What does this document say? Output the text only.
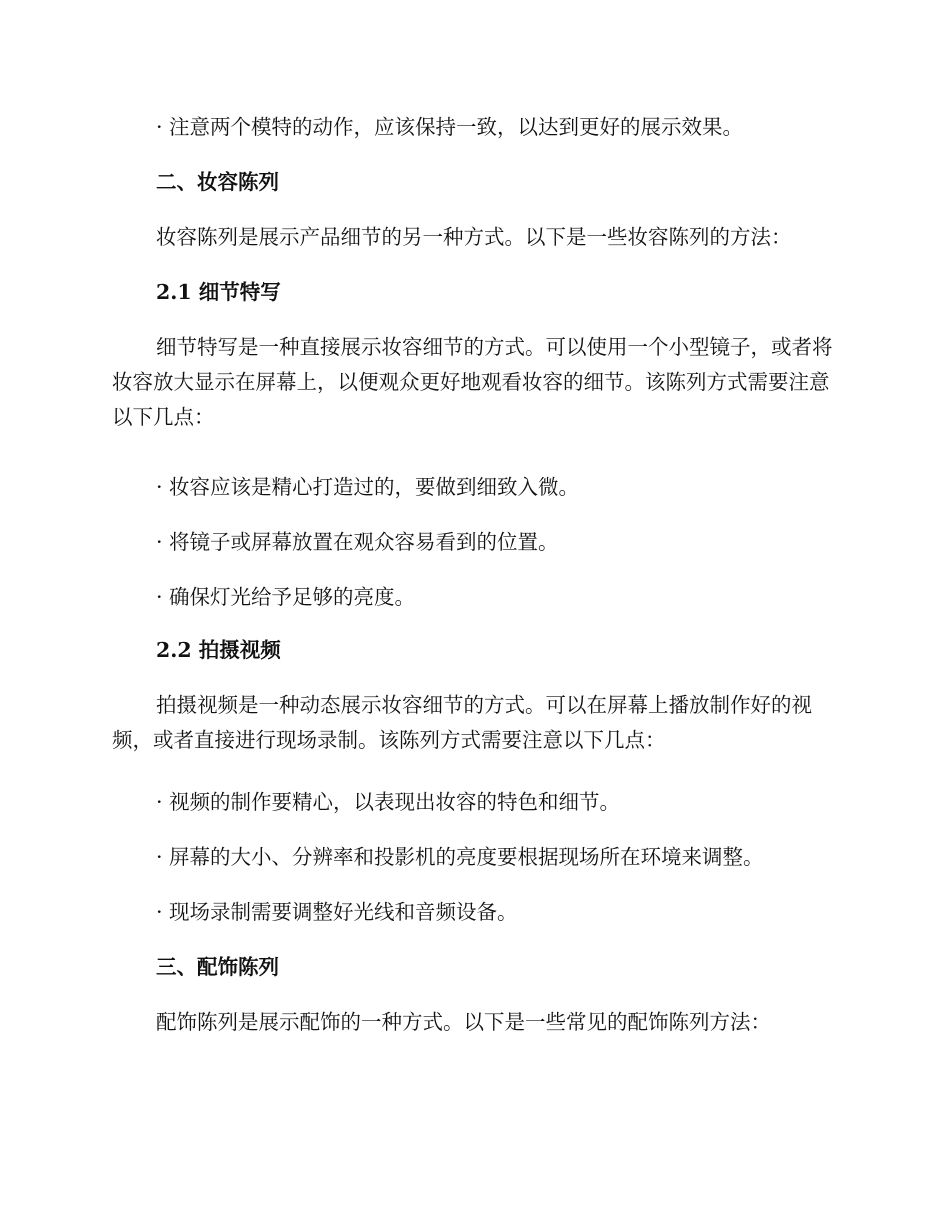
· 注意两个模特的动作，应该保持一致，以达到更好的展示效果。

二、妆容陈列

妆容陈列是展示产品细节的另一种方式。以下是一些妆容陈列的方法：

2.1 细节特写

细节特写是一种直接展示妆容细节的方式。可以使用一个小型镜子，或者将妆容放大显示在屏幕上，以便观众更好地观看妆容的细节。该陈列方式需要注意以下几点：

· 妆容应该是精心打造过的，要做到细致入微。

· 将镜子或屏幕放置在观众容易看到的位置。

· 确保灯光给予足够的亮度。

2.2 拍摄视频

拍摄视频是一种动态展示妆容细节的方式。可以在屏幕上播放制作好的视频，或者直接进行现场录制。该陈列方式需要注意以下几点：

· 视频的制作要精心，以表现出妆容的特色和细节。

· 屏幕的大小、分辨率和投影机的亮度要根据现场所在环境来调整。

· 现场录制需要调整好光线和音频设备。

三、配饰陈列

配饰陈列是展示配饰的一种方式。以下是一些常见的配饰陈列方法：
